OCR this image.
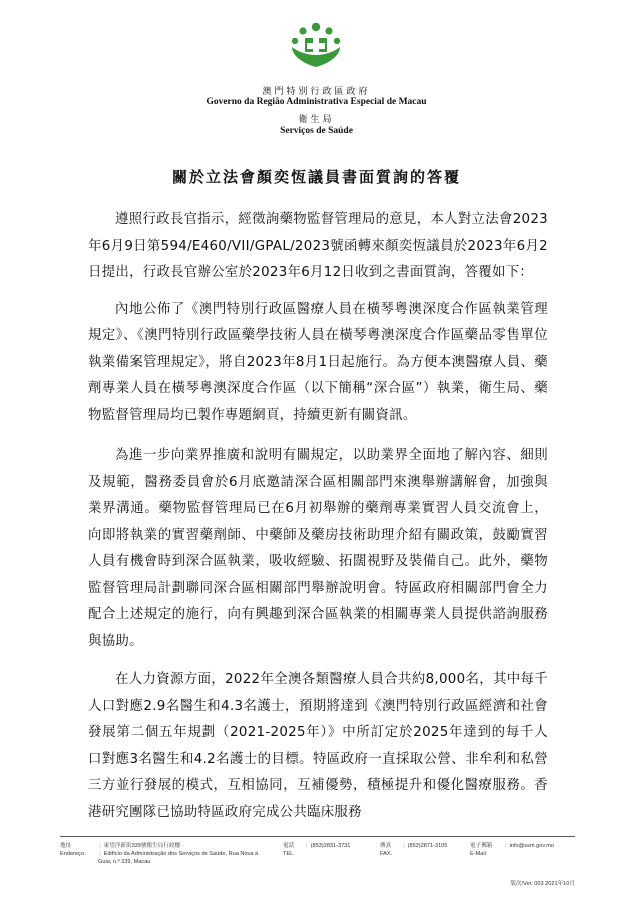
澳門特別行政區政府
Governo da Região Administrativa Especial de Macau
衛生局
Serviços de Saúde
關於立法會顏奕恆議員書面質詢的答覆

遵照行政長官指示，經徵詢藥物監督管理局的意見，本人對立法會2023年6月9日第594/E460/VII/GPAL/2023號函轉來顏奕恆議員於2023年6月2日提出，行政長官辦公室於2023年6月12日收到之書面質詢，答覆如下：

內地公佈了《澳門特別行政區醫療人員在橫琴粵澳深度合作區執業管理規定》、《澳門特別行政區藥學技術人員在橫琴粵澳深度合作區藥品零售單位執業備案管理規定》，將自2023年8月1日起施行。為方便本澳醫療人員、藥劑專業人員在橫琴粵澳深度合作區（以下簡稱“深合區”）執業，衛生局、藥物監督管理局均已製作專題網頁，持續更新有關資訊。

為進一步向業界推廣和說明有關規定，以助業界全面地了解內容、細則及規範，醫務委員會於6月底邀請深合區相關部門來澳舉辦講解會，加強與業界溝通。藥物監督管理局已在6月初舉辦的藥劑專業實習人員交流會上，向即將執業的實習藥劑師、中藥師及藥房技術助理介紹有關政策，鼓勵實習人員有機會時到深合區執業，吸收經驗、拓闊視野及裝備自己。此外，藥物監督管理局計劃聯同深合區相關部門舉辦說明會。特區政府相關部門會全力配合上述規定的施行，向有興趣到深合區執業的相關專業人員提供諮詢服務與協助。

在人力資源方面，2022年全澳各類醫療人員合共約8,000名，其中每千人口對應2.9名醫生和4.3名護士，預期將達到《澳門特別行政區經濟和社會發展第二個五年規劃（2021-2025年）》中所訂定於2025年達到的每千人口對應3名醫生和4.2名護士的目標。特區政府一直採取公營、非牟利和私營三方並行發展的模式，互相協同，互補優勢，積極提升和優化醫療服務。香港研究團隊已協助特區政府完成公共臨床服務

地址
Endereço
：東望洋新街339號衛生局行政樓
：Edifício da Administração dos Serviços de Saúde, Rua Nova à Guia, n.º 339, Macau
電話
TEL.
：(853)2831-3731	傳真
FAX.
：(853)2871-3105	電子郵箱
E-Mail
：info@ssm.gov.mo
版次/Ver. 003 2021年10月
